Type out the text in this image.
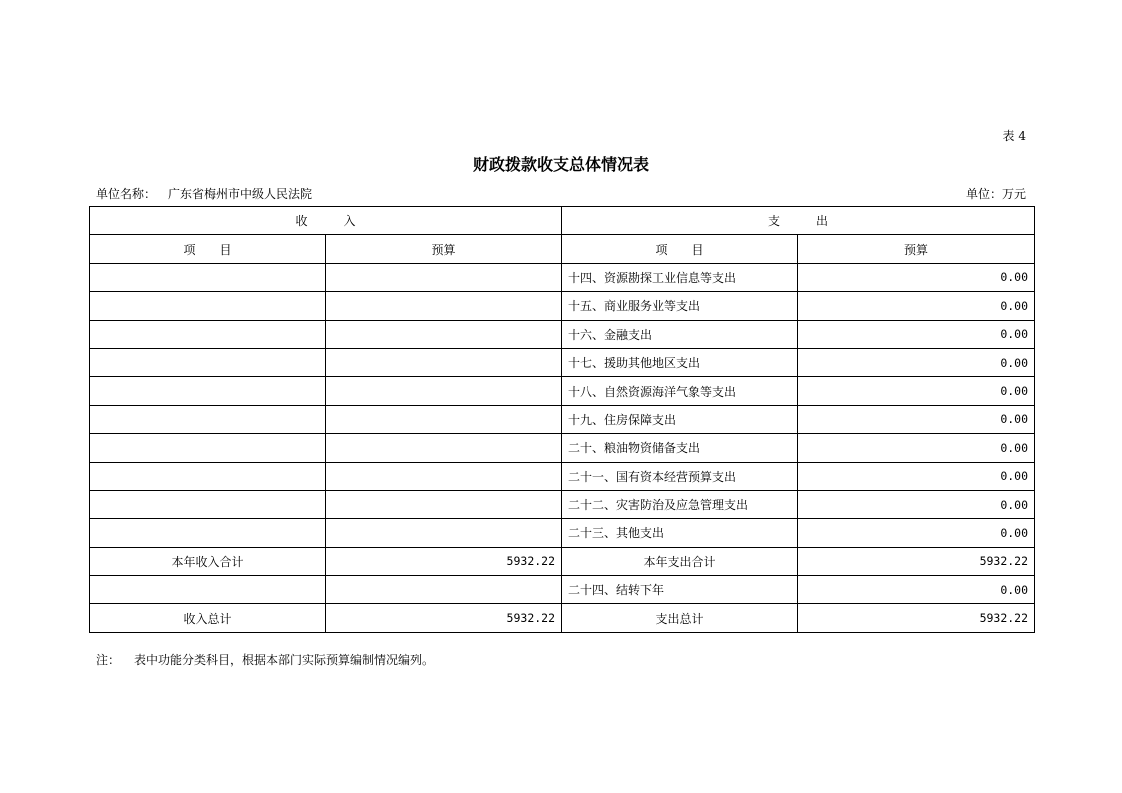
表 4
财政拨款收支总体情况表
单位名称： 广东省梅州市中级人民法院	单位：万元
收　　　入		支　　　出	
项　　目	预算	项　　目	预算
		十四、资源勘探工业信息等支出	0.00
		十五、商业服务业等支出	0.00
		十六、金融支出	0.00
		十七、援助其他地区支出	0.00
		十八、自然资源海洋气象等支出	0.00
		十九、住房保障支出	0.00
		二十、粮油物资储备支出	0.00
		二十一、国有资本经营预算支出	0.00
		二十二、灾害防治及应急管理支出	0.00
		二十三、其他支出	0.00
本年收入合计	5932.22	本年支出合计	5932.22
		二十四、结转下年	0.00
收入总计	5932.22	支出总计	5932.22
注： 表中功能分类科目，根据本部门实际预算编制情况编列。
